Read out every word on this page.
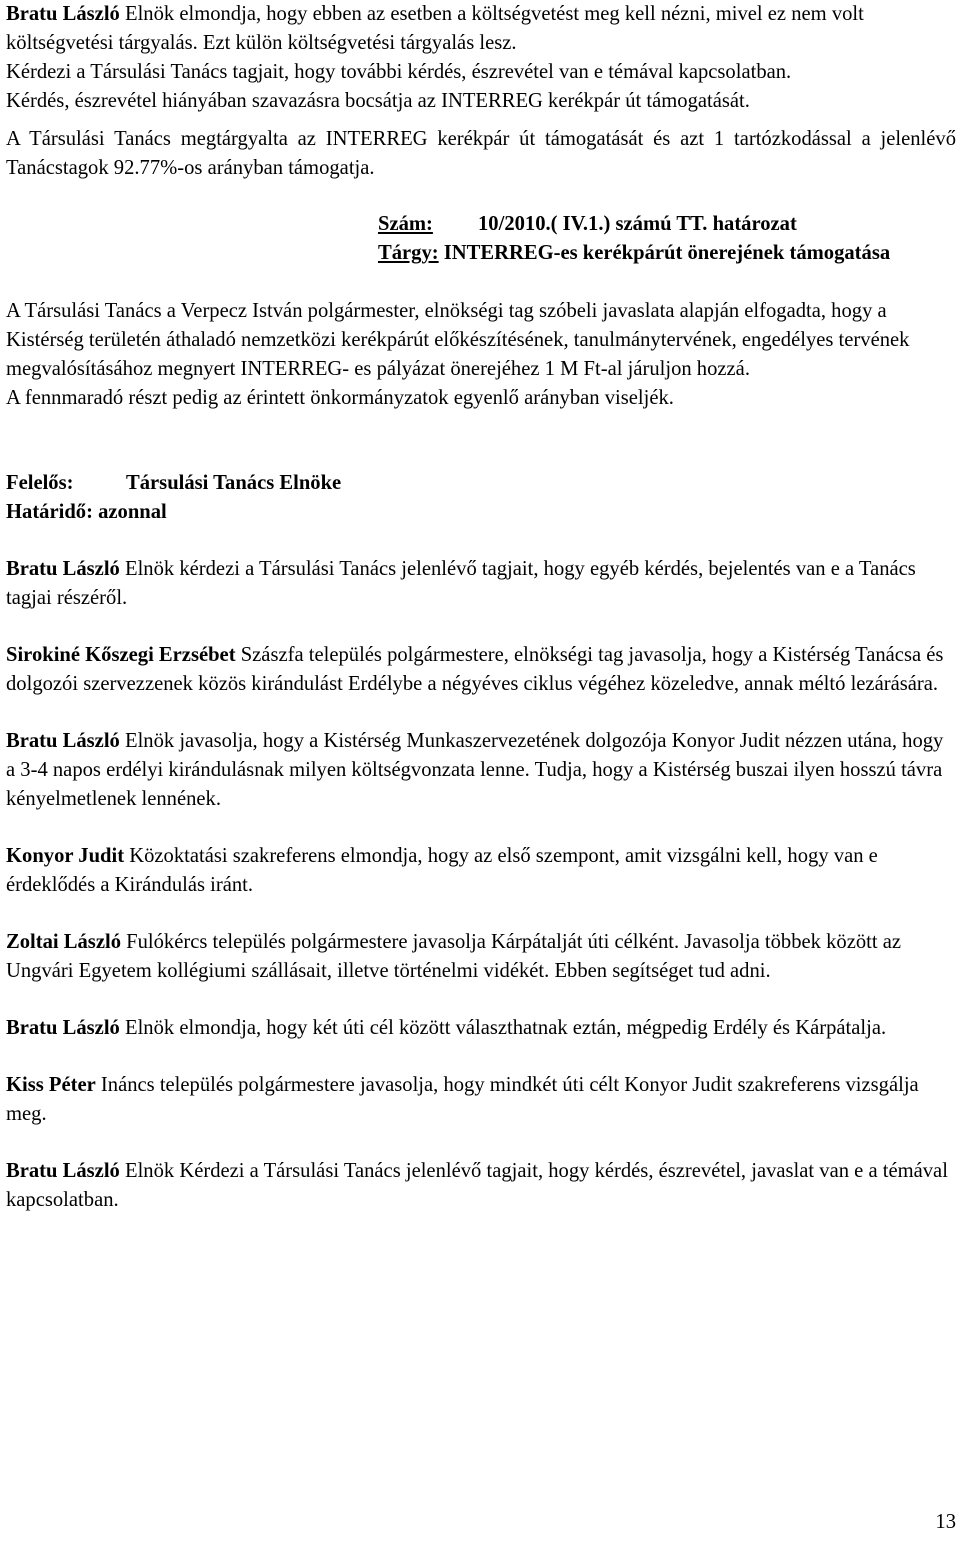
Bratu László Elnök elmondja, hogy ebben az esetben a költségvetést meg kell nézni, mivel ez nem volt költségvetési tárgyalás. Ezt külön költségvetési tárgyalás lesz.

Kérdezi a Társulási Tanács tagjait, hogy további kérdés, észrevétel van e témával kapcsolatban.

Kérdés, észrevétel hiányában szavazásra bocsátja az INTERREG kerékpár út támogatását.

A Társulási Tanács megtárgyalta az INTERREG kerékpár út támogatását és azt 1 tartózkodással a jelenlévő Tanácstagok 92.77%-os arányban támogatja.

Szám: 10/2010.( IV.1.) számú TT. határozat
Tárgy: INTERREG-es kerékpárút önerejének támogatása

A Társulási Tanács a Verpecz István polgármester, elnökségi tag szóbeli javaslata alapján elfogadta, hogy a Kistérség területén áthaladó nemzetközi kerékpárút előkészítésének, tanulmánytervének, engedélyes tervének megvalósításához megnyert INTERREG- es pályázat önerejéhez 1 M Ft-al járuljon hozzá.

A fennmaradó részt pedig az érintett önkormányzatok egyenlő arányban viseljék.

Felelős:	Társulási Tanács Elnöke
Határidő: azonnal

Bratu László Elnök kérdezi a Társulási Tanács jelenlévő tagjait, hogy egyéb kérdés, bejelentés van e a Tanács tagjai részéről.

Sirokiné Kőszegi Erzsébet Szászfa település polgármestere, elnökségi tag javasolja, hogy a Kistérség Tanácsa és dolgozói szervezzenek közös kirándulást Erdélybe a négyéves ciklus végéhez közeledve, annak méltó lezárására.

Bratu László Elnök javasolja, hogy a Kistérség Munkaszervezetének dolgozója Konyor Judit nézzen utána, hogy a 3-4 napos erdélyi kirándulásnak milyen költségvonzata lenne. Tudja, hogy a Kistérség buszai ilyen hosszú távra kényelmetlenek lennének.

Konyor Judit Közoktatási szakreferens elmondja, hogy az első szempont, amit vizsgálni kell, hogy van e érdeklődés a Kirándulás iránt.

Zoltai László Fulókércs település polgármestere javasolja Kárpátalját úti célként. Javasolja többek között az Ungvári Egyetem kollégiumi szállásait, illetve történelmi vidékét. Ebben segítséget tud adni.

Bratu László Elnök elmondja, hogy két úti cél között választhatnak eztán, mégpedig Erdély és Kárpátalja.

Kiss Péter Ináncs település polgármestere javasolja, hogy mindkét úti célt Konyor Judit szakreferens vizsgálja meg.

Bratu László Elnök Kérdezi a Társulási Tanács jelenlévő tagjait, hogy kérdés, észrevétel, javaslat van e a témával kapcsolatban.

13
